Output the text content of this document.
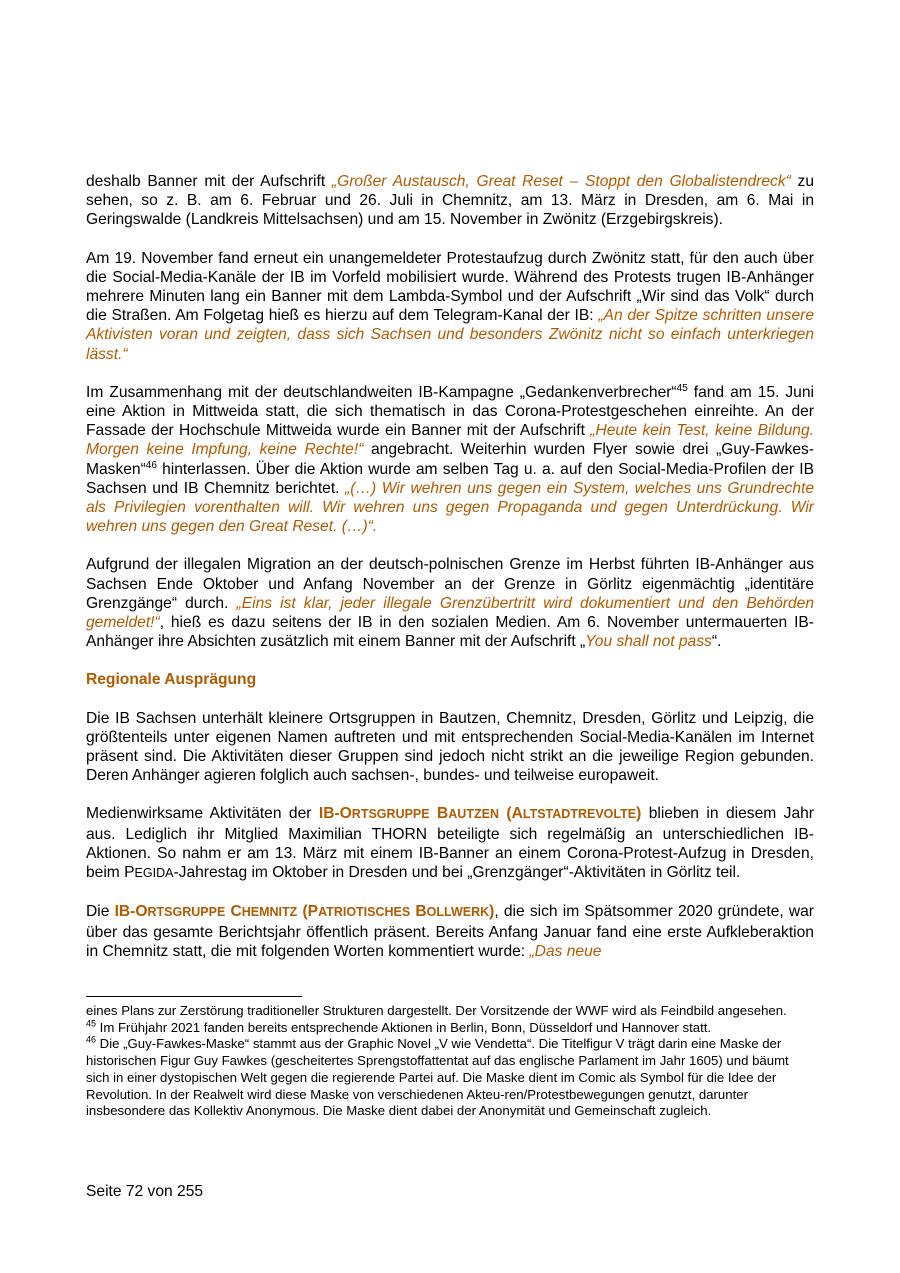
deshalb Banner mit der Aufschrift „Großer Austausch, Great Reset – Stoppt den Globalistendreck“ zu sehen, so z. B. am 6. Februar und 26. Juli in Chemnitz, am 13. März in Dresden, am 6. Mai in Geringswalde (Landkreis Mittelsachsen) und am 15. November in Zwönitz (Erzgebirgskreis).

Am 19. November fand erneut ein unangemeldeter Protestaufzug durch Zwönitz statt, für den auch über die Social-Media-Kanäle der IB im Vorfeld mobilisiert wurde. Während des Protests trugen IB-Anhänger mehrere Minuten lang ein Banner mit dem Lambda-Symbol und der Aufschrift „Wir sind das Volk“ durch die Straßen. Am Folgetag hieß es hierzu auf dem Telegram-Kanal der IB: „An der Spitze schritten unsere Aktivisten voran und zeigten, dass sich Sachsen und besonders Zwönitz nicht so einfach unterkriegen lässt.“

Im Zusammenhang mit der deutschlandweiten IB-Kampagne „Gedankenverbrecher“$^{45}$ fand am 15. Juni eine Aktion in Mittweida statt, die sich thematisch in das Corona-Protestgeschehen einreihte. An der Fassade der Hochschule Mittweida wurde ein Banner mit der Aufschrift „Heute kein Test, keine Bildung. Morgen keine Impfung, keine Rechte!“ angebracht. Weiterhin wurden Flyer sowie drei „Guy-Fawkes-Masken“$^{46}$ hinterlassen. Über die Aktion wurde am selben Tag u. a. auf den Social-Media-Profilen der IB Sachsen und IB Chemnitz berichtet. „(…) Wir wehren uns gegen ein System, welches uns Grundrechte als Privilegien vorenthalten will. Wir wehren uns gegen Propaganda und gegen Unterdrückung. Wir wehren uns gegen den Great Reset. (…)“.

Aufgrund der illegalen Migration an der deutsch-polnischen Grenze im Herbst führten IB-Anhänger aus Sachsen Ende Oktober und Anfang November an der Grenze in Görlitz eigenmächtig „identitäre Grenzgänge“ durch. „Eins ist klar, jeder illegale Grenzübertritt wird dokumentiert und den Behörden gemeldet!“, hieß es dazu seitens der IB in den sozialen Medien. Am 6. November untermauerten IB-Anhänger ihre Absichten zusätzlich mit einem Banner mit der Aufschrift „You shall not pass“.

Regionale Ausprägung

Die IB Sachsen unterhält kleinere Ortsgruppen in Bautzen, Chemnitz, Dresden, Görlitz und Leipzig, die größtenteils unter eigenen Namen auftreten und mit entsprechenden Social-Media-Kanälen im Internet präsent sind. Die Aktivitäten dieser Gruppen sind jedoch nicht strikt an die jeweilige Region gebunden. Deren Anhänger agieren folglich auch sachsen-, bundes- und teilweise europaweit.

Medienwirksame Aktivitäten der IB-ORTSGRUPPE BAUTZEN (ALTSTADTREVOLTE) blieben in diesem Jahr aus. Lediglich ihr Mitglied Maximilian THORN beteiligte sich regelmäßig an unterschiedlichen IB-Aktionen. So nahm er am 13. März mit einem IB-Banner an einem Corona-Protest-Aufzug in Dresden, beim PEGIDA-Jahrestag im Oktober in Dresden und bei „Grenzgänger“-Aktivitäten in Görlitz teil.

Die IB-ORTSGRUPPE CHEMNITZ (PATRIOTISCHES BOLLWERK), die sich im Spätsommer 2020 gründete, war über das gesamte Berichtsjahr öffentlich präsent. Bereits Anfang Januar fand eine erste Aufkleberaktion in Chemnitz statt, die mit folgenden Worten kommentiert wurde: „Das neue

eines Plans zur Zerstörung traditioneller Strukturen dargestellt. Der Vorsitzende der WWF wird als Feindbild angesehen.

$^{45}$ Im Frühjahr 2021 fanden bereits entsprechende Aktionen in Berlin, Bonn, Düsseldorf und Hannover statt.

$^{46}$ Die „Guy-Fawkes-Maske“ stammt aus der Graphic Novel „V wie Vendetta“. Die Titelfigur V trägt darin eine Maske der historischen Figur Guy Fawkes (gescheitertes Sprengstoffattentat auf das englische Parlament im Jahr 1605) und bäumt sich in einer dystopischen Welt gegen die regierende Partei auf. Die Maske dient im Comic als Symbol für die Idee der Revolution. In der Realwelt wird diese Maske von verschiedenen Akteu-ren/Protestbewegungen genutzt, darunter insbesondere das Kollektiv Anonymous. Die Maske dient dabei der Anonymität und Gemeinschaft zugleich.

Seite 72 von 255
